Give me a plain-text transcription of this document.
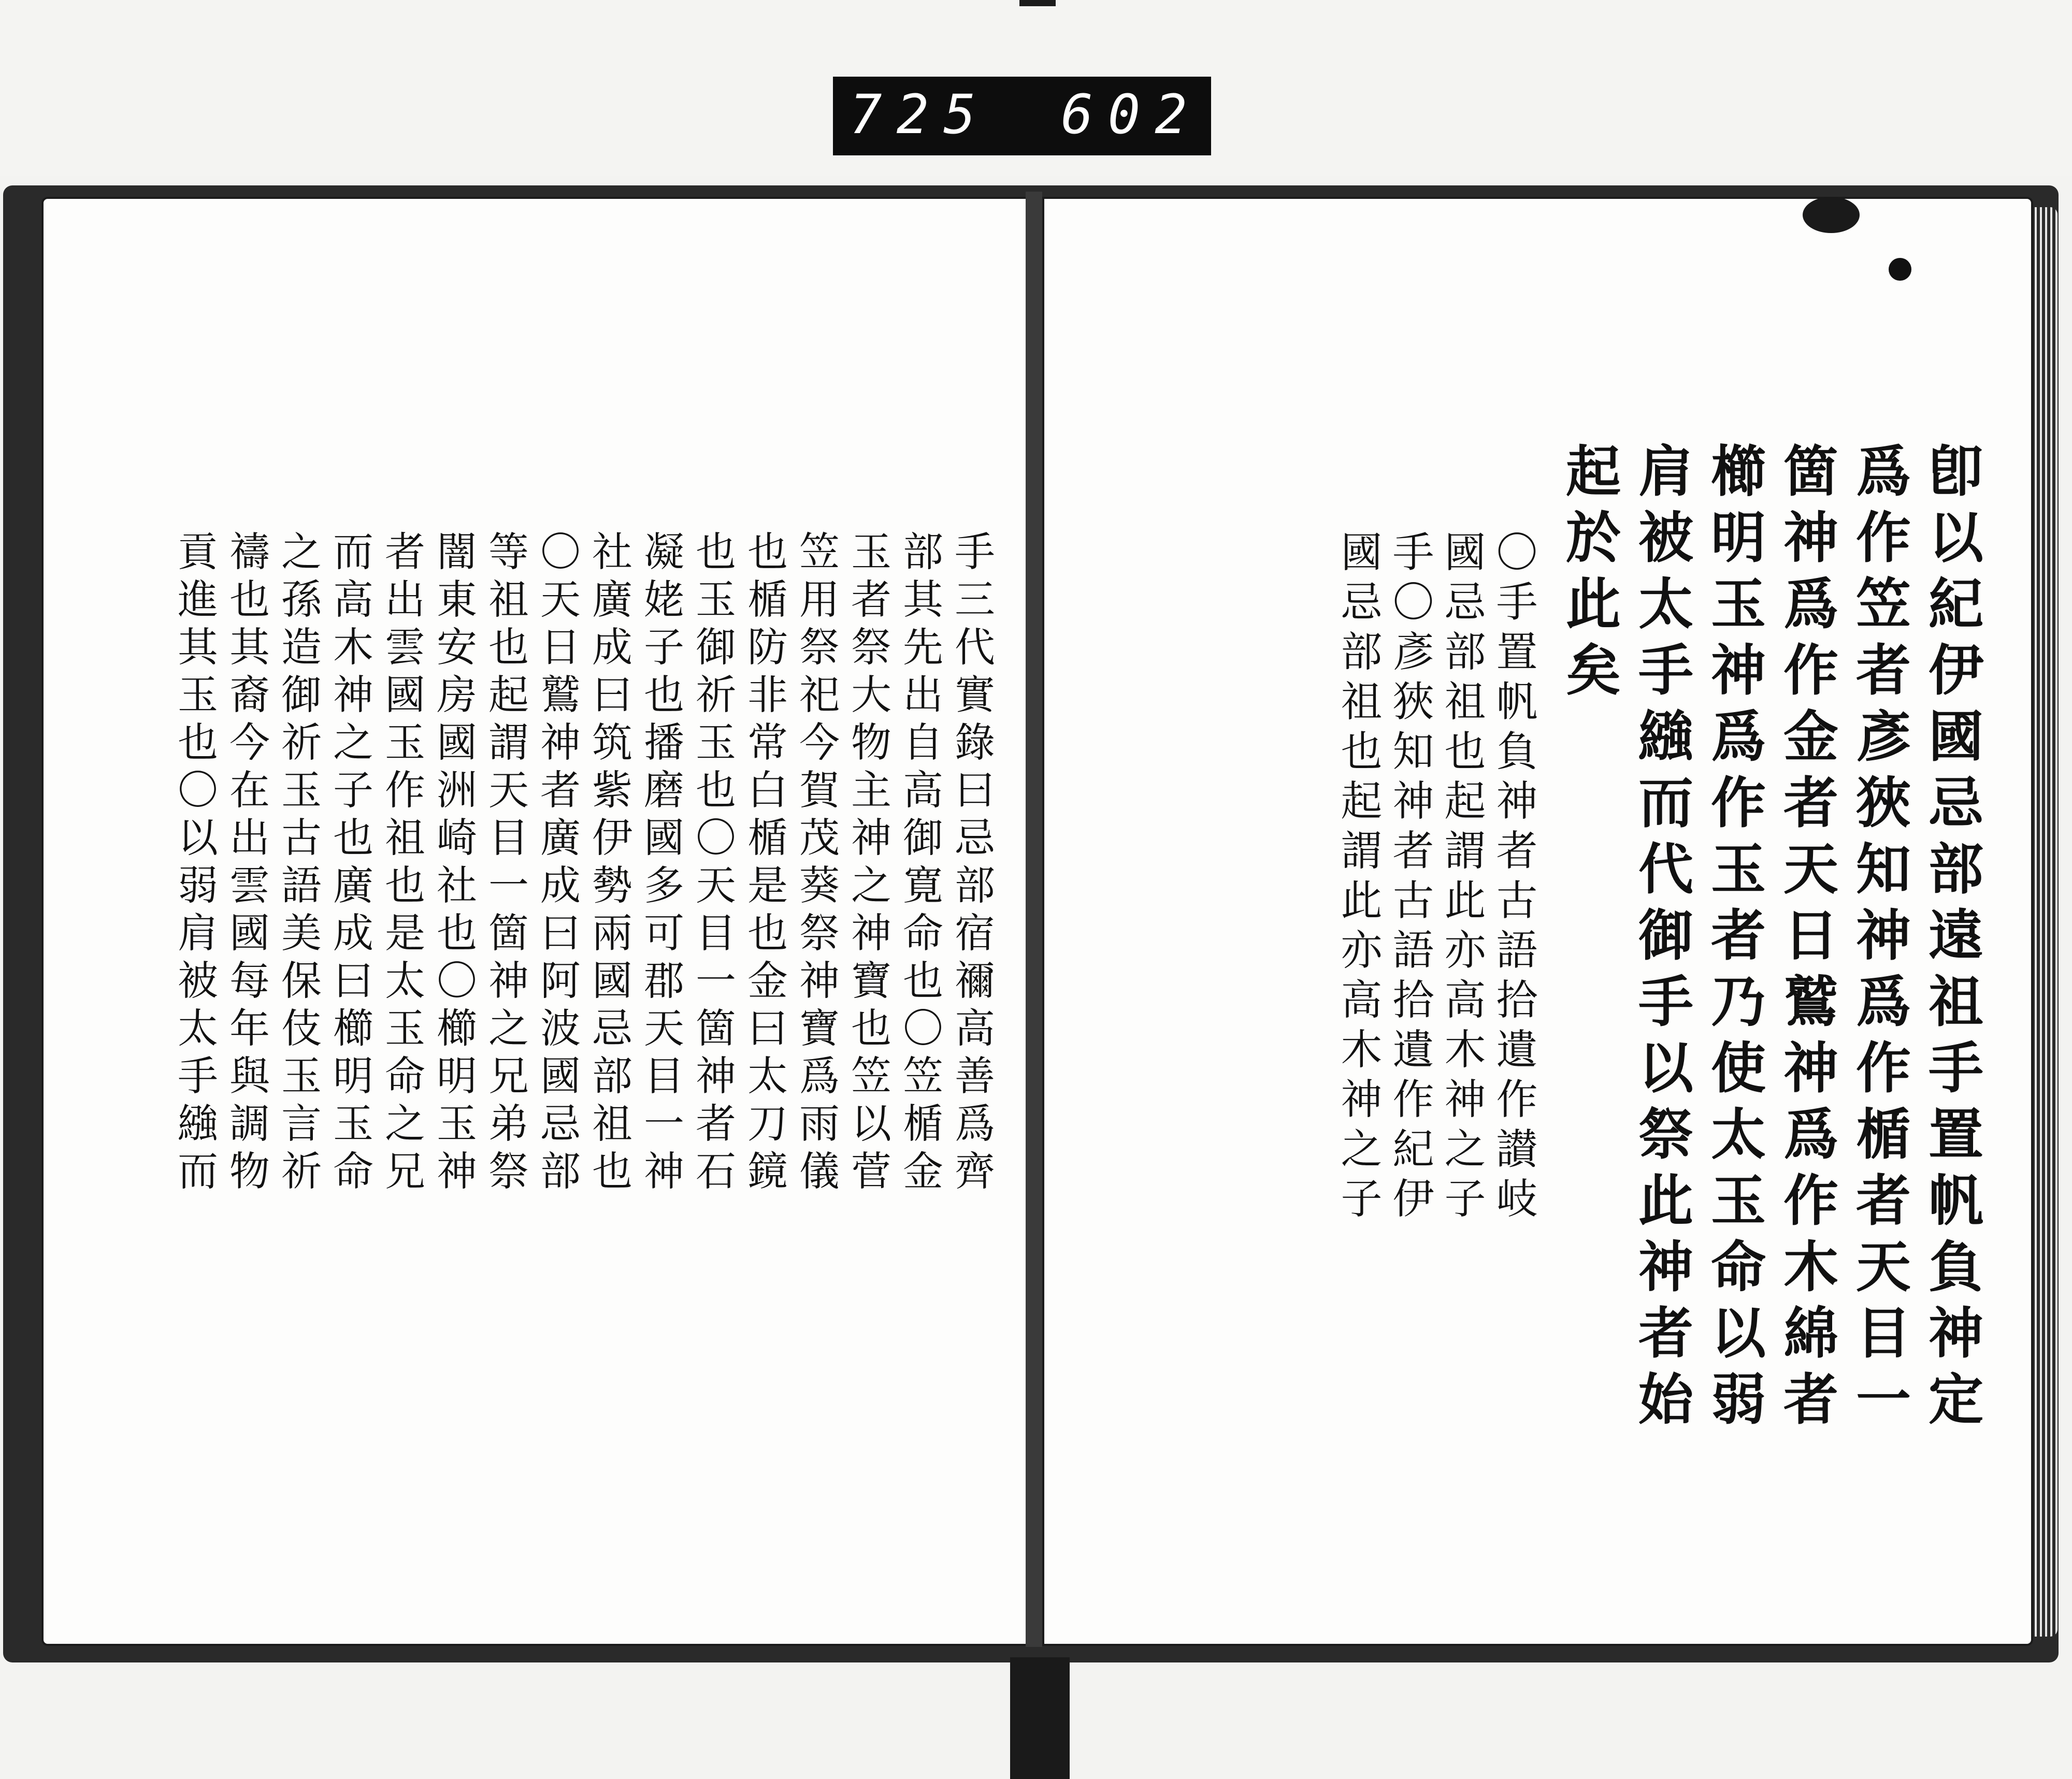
725 602
手三代實錄曰忌部宿禰高善爲齊
部其先出自高御寛命也〇笠楯金
玉者祭大物主神之神寶也笠以菅
笠用祭祀今賀茂葵祭神寶爲雨儀
也楯防非常白楯是也金曰太刀鏡
也玉御祈玉也〇天目一箇神者石
凝姥子也播磨國多可郡天目一神
社廣成曰筑紫伊勢兩國忌部祖也
〇天日鷲神者廣成曰阿波國忌部
等祖也起謂天目一箇神之兄弟祭
闇東安房國洲崎社也〇櫛明玉神
者出雲國玉作祖也是太玉命之兄
而高木神之子也廣成曰櫛明玉命
之孫造御祈玉古語美保伎玉言祈
禱也其裔今在出雲國每年與調物
貢進其玉也〇以弱肩被太手繈而	卽以紀伊國忌部遠祖手置帆負神定
爲作笠者彥狹知神爲作楯者天目一
箇神爲作金者天日鷲神爲作木綿者
櫛明玉神爲作玉者乃使太玉命以弱
肩被太手繈而代御手以祭此神者始
起於此矣
〇手置帆負神者古語拾遺作讃岐
國忌部祖也起謂此亦高木神之子
手〇彥狹知神者古語拾遺作紀伊
國忌部祖也起謂此亦高木神之子
